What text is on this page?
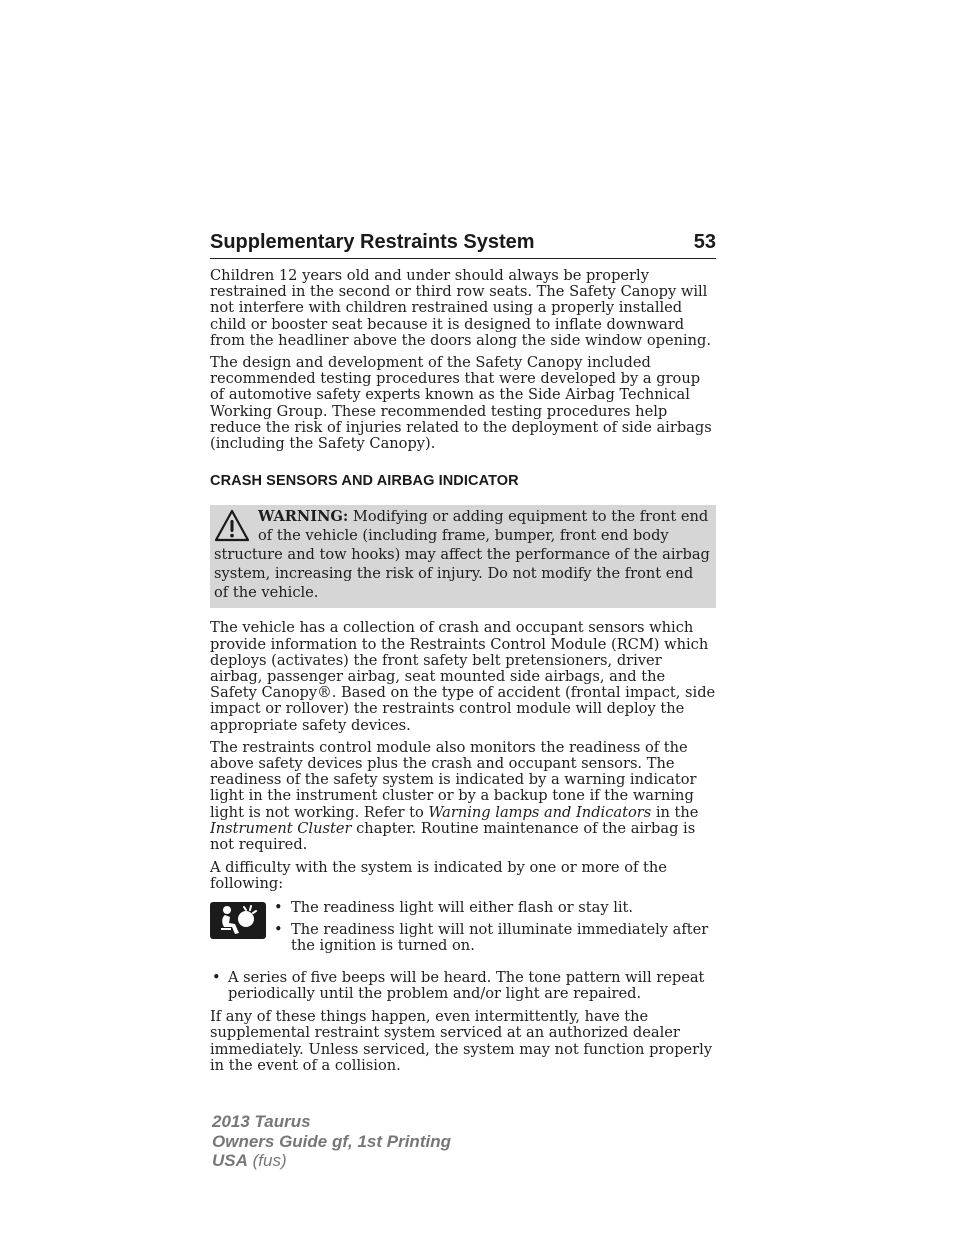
Supplementary Restraints System	53

Children 12 years old and under should always be properly restrained in the second or third row seats. The Safety Canopy will not interfere with children restrained using a properly installed child or booster seat because it is designed to inflate downward from the headliner above the doors along the side window opening.

The design and development of the Safety Canopy included recommended testing procedures that were developed by a group of automotive safety experts known as the Side Airbag Technical Working Group. These recommended testing procedures help reduce the risk of injuries related to the deployment of side airbags (including the Safety Canopy).

CRASH SENSORS AND AIRBAG INDICATOR
WARNING: Modifying or adding equipment to the front end of the vehicle (including frame, bumper, front end body structure and tow hooks) may affect the performance of the airbag system, increasing the risk of injury. Do not modify the front end of the vehicle.

The vehicle has a collection of crash and occupant sensors which provide information to the Restraints Control Module (RCM) which deploys (activates) the front safety belt pretensioners, driver airbag, passenger airbag, seat mounted side airbags, and the Safety Canopy®. Based on the type of accident (frontal impact, side impact or rollover) the restraints control module will deploy the appropriate safety devices.

The restraints control module also monitors the readiness of the above safety devices plus the crash and occupant sensors. The readiness of the safety system is indicated by a warning indicator light in the instrument cluster or by a backup tone if the warning light is not working. Refer to Warning lamps and Indicators in the Instrument Cluster chapter. Routine maintenance of the airbag is not required.

A difficulty with the system is indicated by one or more of the following:

• The readiness light will either flash or stay lit.
• The readiness light will not illuminate immediately after the ignition is turned on.
• A series of five beeps will be heard. The tone pattern will repeat periodically until the problem and/or light are repaired.

If any of these things happen, even intermittently, have the supplemental restraint system serviced at an authorized dealer immediately. Unless serviced, the system may not function properly in the event of a collision.

2013 Taurus
Owners Guide gf, 1st Printing
USA (fus)
